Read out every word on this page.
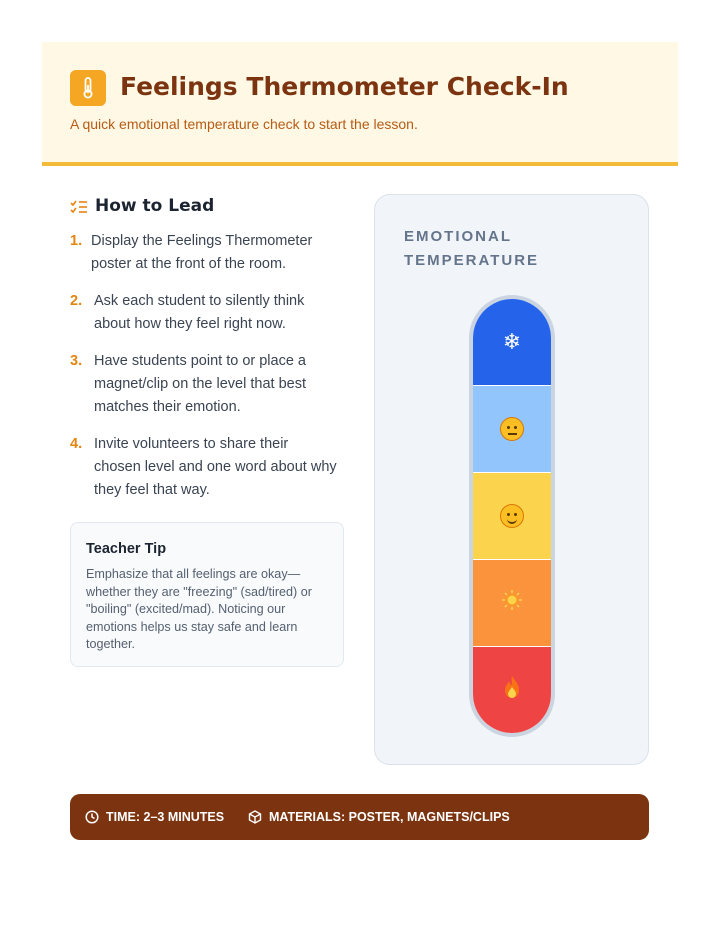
Feelings Thermometer Check-In
A quick emotional temperature check to start the lesson.
How to Lead
1. Display the Feelings Thermometer poster at the front of the room.
2. Ask each student to silently think about how they feel right now.
3. Have students point to or place a magnet/clip on the level that best matches their emotion.
4. Invite volunteers to share their chosen level and one word about why they feel that way.
Teacher Tip
Emphasize that all feelings are okay—whether they are "freezing" (sad/tired) or "boiling" (excited/mad). Noticing our emotions helps us stay safe and learn together.
EMOTIONAL TEMPERATURE
❄
TIME: 2–3 MINUTES	MATERIALS: POSTER, MAGNETS/CLIPS
